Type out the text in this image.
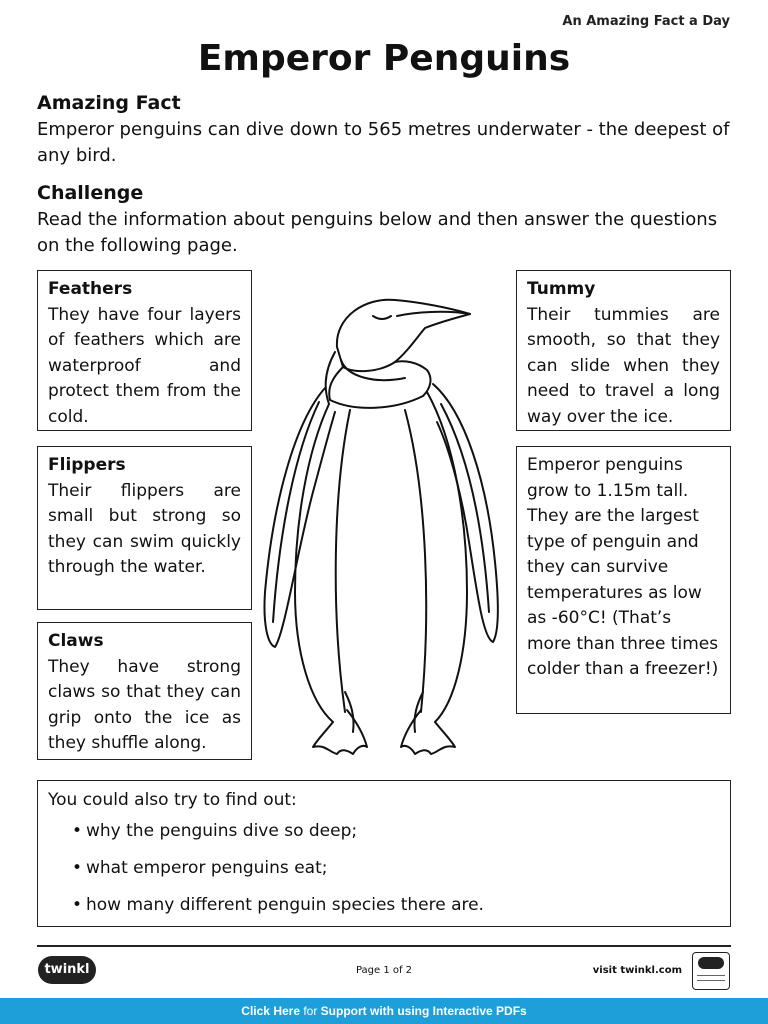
An Amazing Fact a Day
Emperor Penguins
Amazing Fact

Emperor penguins can dive down to 565 metres underwater - the deepest of any bird.

Challenge

Read the information about penguins below and then answer the questions on the following page.

Feathers
They have four layers of feathers which are waterproof and protect them from the cold.
Flippers
Their flippers are small but strong so they can swim quickly through the water.
Claws
They have strong claws so that they can grip onto the ice as they shuffle along.
Tummy
Their tummies are smooth, so that they can slide when they need to travel a long way over the ice.
Emperor penguins grow to 1.15m tall. They are the largest type of penguin and they can survive temperatures as low as -60°C! (That’s more than three times colder than a freezer!)
You could also try to find out:
• why the penguins dive so deep;
• what emperor penguins eat;
• how many different penguin species there are.
twinkl	Page 1 of 2	visit twinkl.com
Click Here for Support with using Interactive PDFs
